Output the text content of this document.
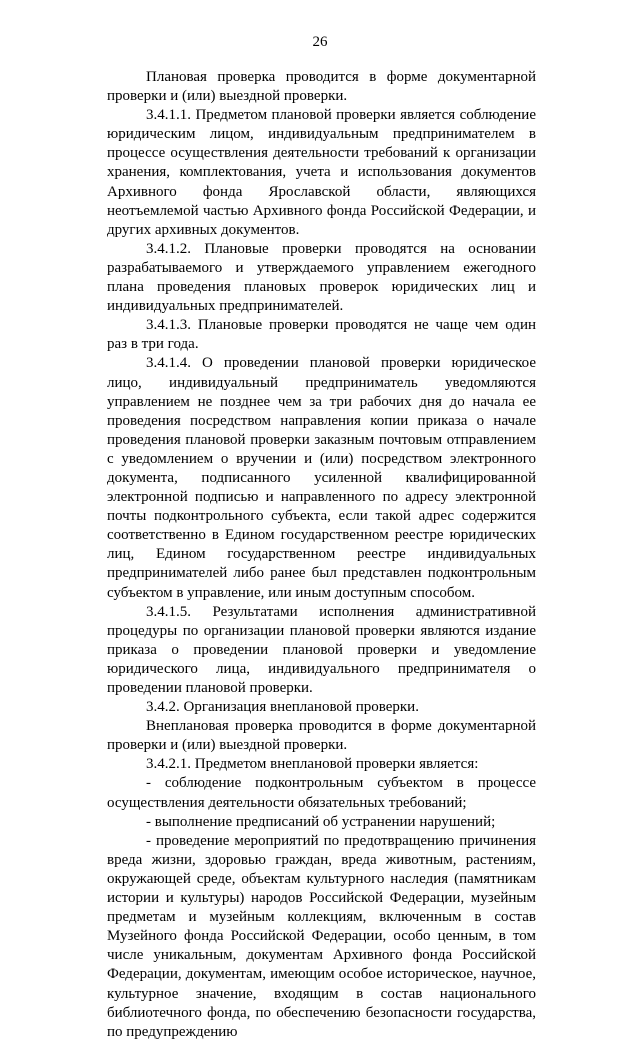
26

Плановая проверка проводится в форме документарной проверки и (или) выездной проверки.

3.4.1.1. Предметом плановой проверки является соблюдение юридическим лицом, индивидуальным предпринимателем в процессе осуществления деятельности требований к организации хранения, комплектования, учета и использования документов Архивного фонда Ярославской области, являющихся неотъемлемой частью Архивного фонда Российской Федерации, и других архивных документов.

3.4.1.2. Плановые проверки проводятся на основании разрабатываемого и утверждаемого управлением ежегодного плана проведения плановых проверок юридических лиц и индивидуальных предпринимателей.

3.4.1.3. Плановые проверки проводятся не чаще чем один раз в три года.

3.4.1.4. О проведении плановой проверки юридическое лицо, индивидуальный предприниматель уведомляются управлением не позднее чем за три рабочих дня до начала ее проведения посредством направления копии приказа о начале проведения плановой проверки заказным почтовым отправлением с уведомлением о вручении и (или) посредством электронного документа, подписанного усиленной квалифицированной электронной подписью и направленного по адресу электронной почты подконтрольного субъекта, если такой адрес содержится соответственно в Едином государственном реестре юридических лиц, Едином государственном реестре индивидуальных предпринимателей либо ранее был представлен подконтрольным субъектом в управление, или иным доступным способом.

3.4.1.5. Результатами исполнения административной процедуры по организации плановой проверки являются издание приказа о проведении плановой проверки и уведомление юридического лица, индивидуального предпринимателя о проведении плановой проверки.

3.4.2. Организация внеплановой проверки.

Внеплановая проверка проводится в форме документарной проверки и (или) выездной проверки.

3.4.2.1. Предметом внеплановой проверки является:

- соблюдение подконтрольным субъектом в процессе осуществления деятельности обязательных требований;

- выполнение предписаний об устранении нарушений;

- проведение мероприятий по предотвращению причинения вреда жизни, здоровью граждан, вреда животным, растениям, окружающей среде, объектам культурного наследия (памятникам истории и культуры) народов Российской Федерации, музейным предметам и музейным коллекциям, включенным в состав Музейного фонда Российской Федерации, особо ценным, в том числе уникальным, документам Архивного фонда Российской Федерации, документам, имеющим особое историческое, научное, культурное значение, входящим в состав национального библиотечного фонда, по обеспечению безопасности государства, по предупреждению
